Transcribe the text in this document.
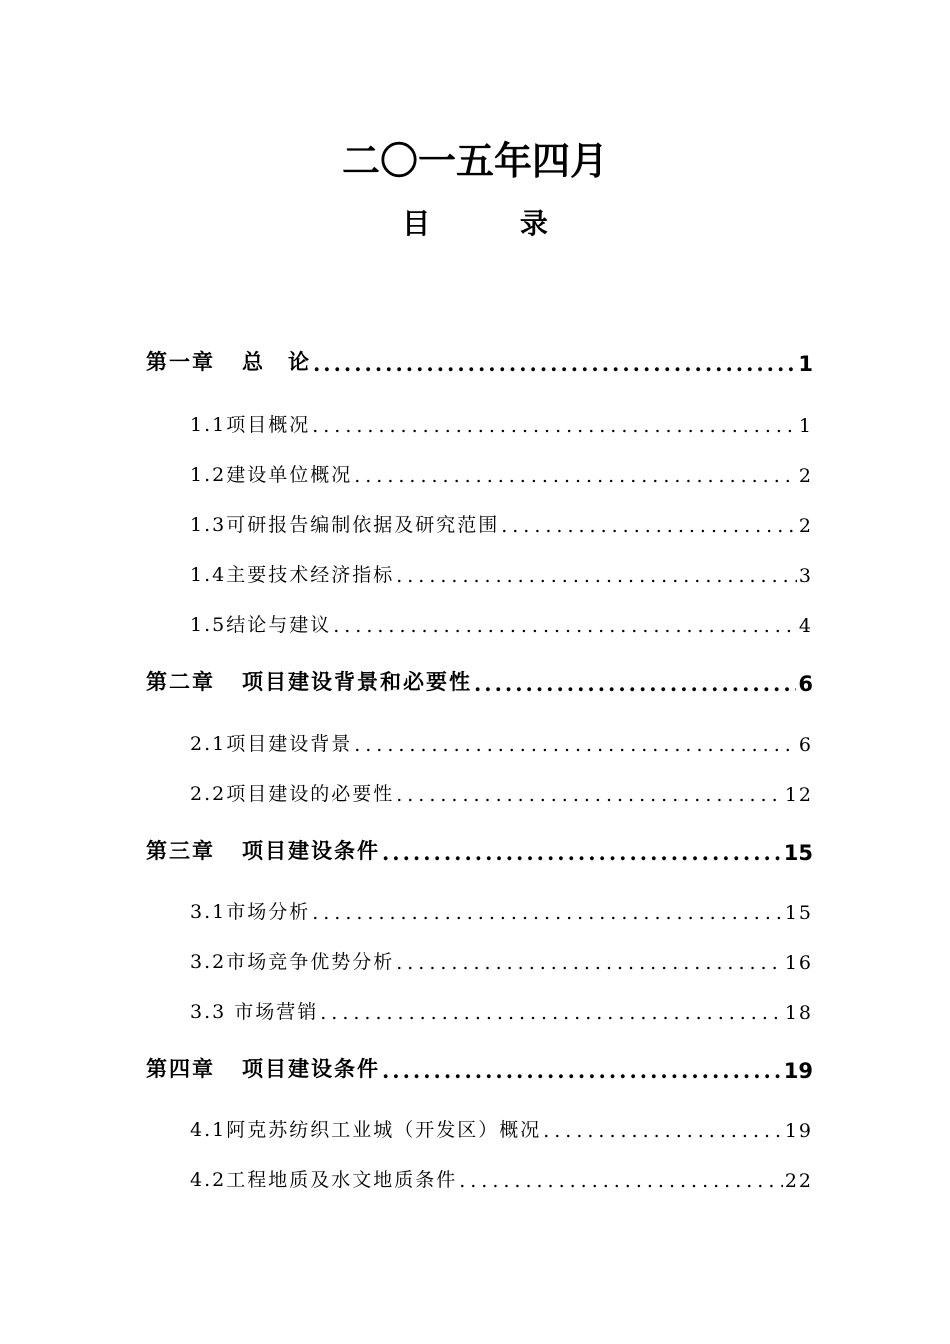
二〇一五年四月
目 录
第一章 总　论 .....	1
1.1项目概况 .....	1
1.2建设单位概况 .....	2
1.3可研报告编制依据及研究范围 .....	2
1.4主要技术经济指标 .....	3
1.5结论与建议 .....	4
第二章 项目建设背景和必要性 .....	6
2.1项目建设背景 .....	6
2.2项目建设的必要性 .....	12
第三章 项目建设条件 .....	15
3.1市场分析 .....	15
3.2市场竞争优势分析 .....	16
3.3 市场营销 .....	18
第四章 项目建设条件 .....	19
4.1阿克苏纺织工业城（开发区）概况 .....	19
4.2工程地质及水文地质条件 .....	22
